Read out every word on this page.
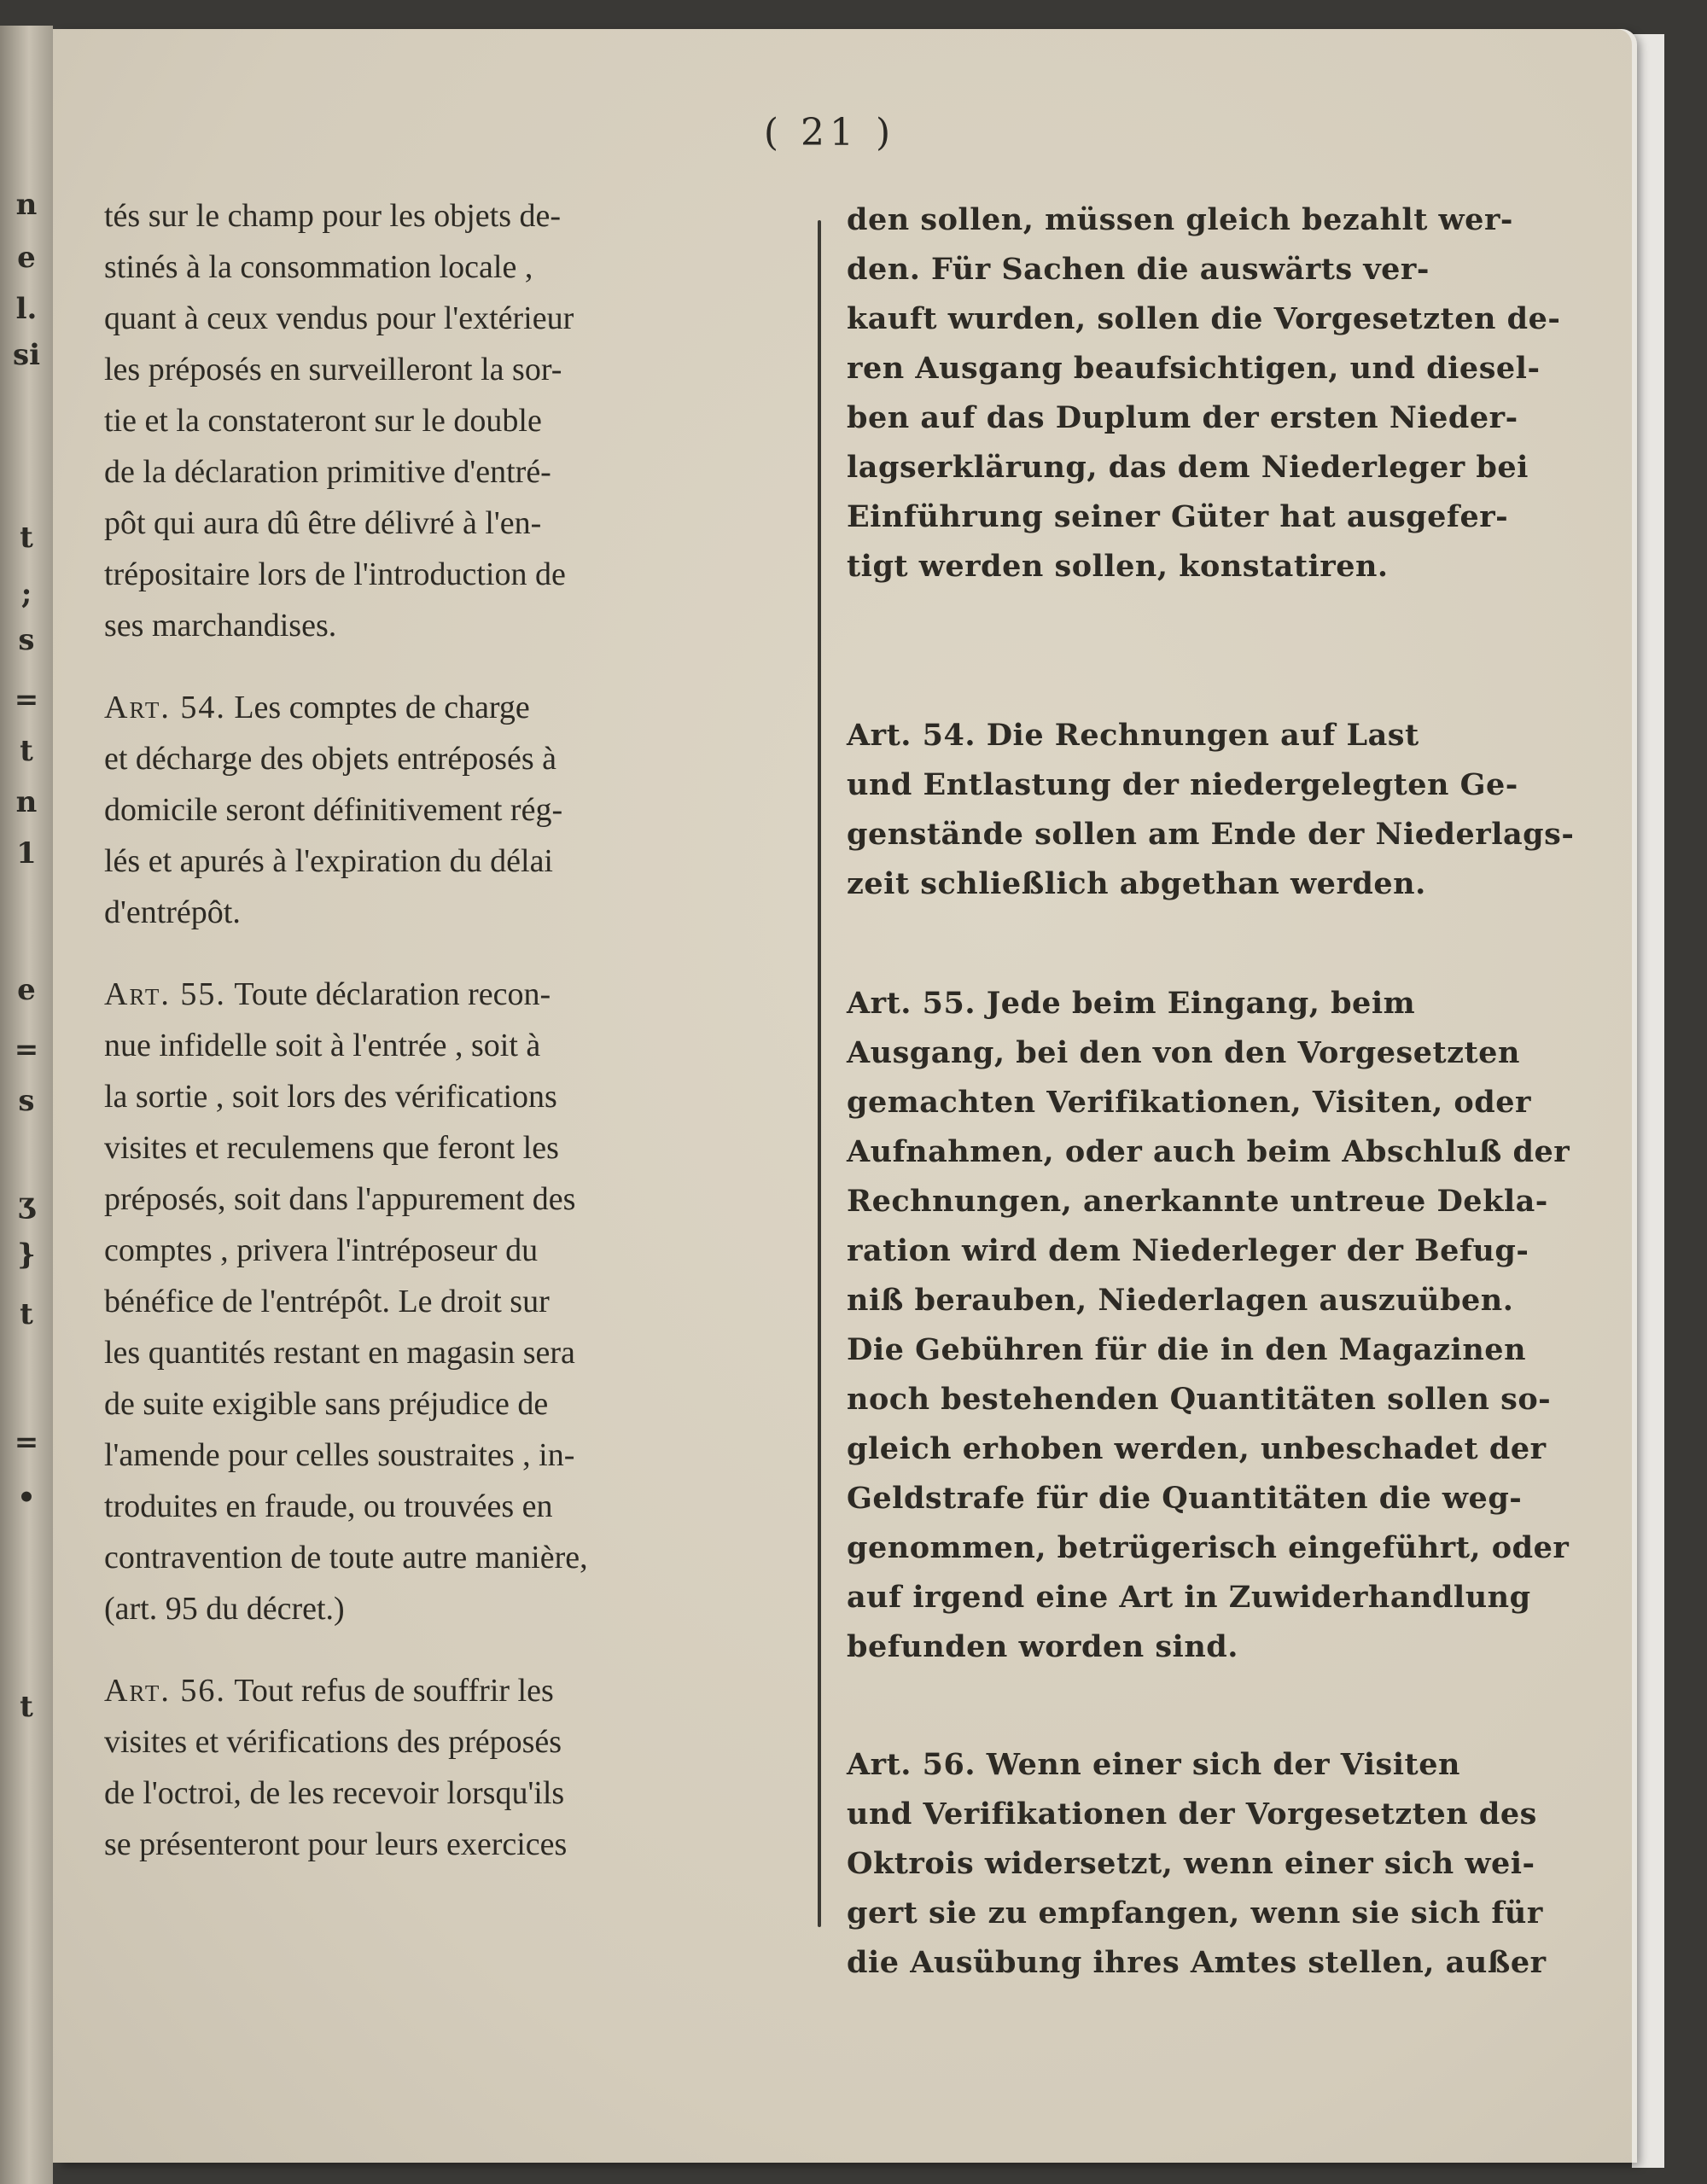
n
e
l.
si
t
;
s
=
t
n
1
e
=
s
ʒ
}
t
=
•
t
( 21 )
tés sur le champ pour les objets de-
stinés à la consommation locale ,
quant à ceux vendus pour l'extérieur
les préposés en surveilleront la sor-
tie et la constateront sur le double
de la déclaration primitive d'entré-
pôt qui aura dû être délivré à l'en-
trépositaire lors de l'introduction de
ses marchandises.
Art. 54. Les comptes de charge
et décharge des objets entréposés à
domicile seront définitivement rég-
lés et apurés à l'expiration du délai
d'entrépôt.
Art. 55. Toute déclaration recon-
nue infidelle soit à l'entrée , soit à
la sortie , soit lors des vérifications
visites et reculemens que feront les
préposés, soit dans l'appurement des
comptes , privera l'intréposeur du
bénéfice de l'entrépôt. Le droit sur
les quantités restant en magasin sera
de suite exigible sans préjudice de
l'amende pour celles soustraites , in-
troduites en fraude, ou trouvées en
contravention de toute autre manière,
(art. 95 du décret.)
Art. 56. Tout refus de souffrir les
visites et vérifications des préposés
de l'octroi, de les recevoir lorsqu'ils
se présenteront pour leurs exercices
den sollen, müssen gleich bezahlt wer-
den. Für Sachen die auswärts ver-
kauft wurden, sollen die Vorgesetzten de-
ren Ausgang beaufsichtigen, und diesel-
ben auf das Duplum der ersten Nieder-
lagserklärung, das dem Niederleger bei
Einführung seiner Güter hat ausgefer-
tigt werden sollen, konstatiren.
Art. 54. Die Rechnungen auf Last
und Entlastung der niedergelegten Ge-
genstände sollen am Ende der Niederlags-
zeit schließlich abgethan werden.
Art. 55. Jede beim Eingang, beim
Ausgang, bei den von den Vorgesetzten
gemachten Verifikationen, Visiten, oder
Aufnahmen, oder auch beim Abschluß der
Rechnungen, anerkannte untreue Dekla-
ration wird dem Niederleger der Befug-
niß berauben, Niederlagen auszuüben.
Die Gebühren für die in den Magazinen
noch bestehenden Quantitäten sollen so-
gleich erhoben werden, unbeschadet der
Geldstrafe für die Quantitäten die weg-
genommen, betrügerisch eingeführt, oder
auf irgend eine Art in Zuwiderhandlung
befunden worden sind.
Art. 56. Wenn einer sich der Visiten
und Verifikationen der Vorgesetzten des
Oktrois widersetzt, wenn einer sich wei-
gert sie zu empfangen, wenn sie sich für
die Ausübung ihres Amtes stellen, außer
